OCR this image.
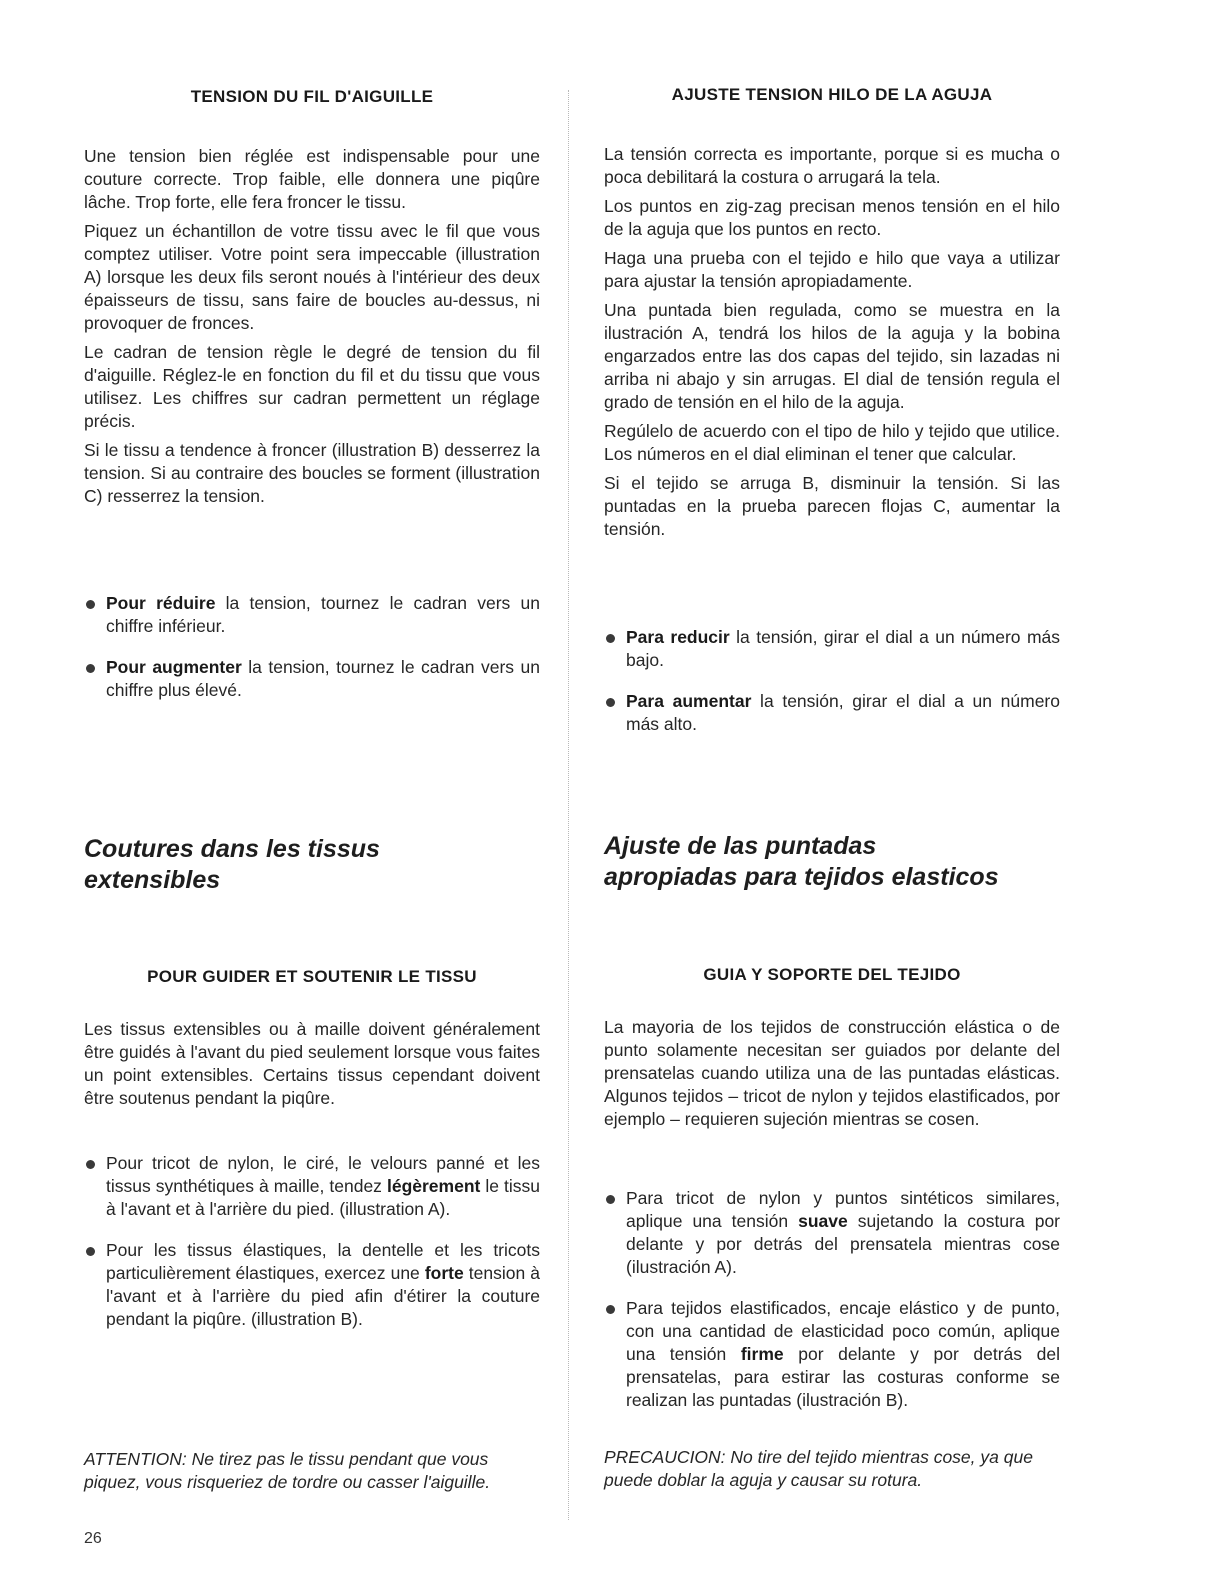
TENSION DU FIL D'AIGUILLE

Une tension bien réglée est indispensable pour une couture correcte. Trop faible, elle donnera une piqûre lâche. Trop forte, elle fera froncer le tissu.

Piquez un échantillon de votre tissu avec le fil que vous comptez utiliser. Votre point sera impeccable (illustration A) lorsque les deux fils seront noués à l'intérieur des deux épaisseurs de tissu, sans faire de boucles au-dessus, ni provoquer de fronces.

Le cadran de tension règle le degré de tension du fil d'aiguille. Réglez-le en fonction du fil et du tissu que vous utilisez. Les chiffres sur cadran permettent un réglage précis.

Si le tissu a tendence à froncer (illustration B) desserrez la tension. Si au contraire des boucles se forment (illustration C) resserrez la tension.

Pour réduire la tension, tournez le cadran vers un chiffre inférieur.
Pour augmenter la tension, tournez le cadran vers un chiffre plus élevé.
Coutures dans les tissus
extensibles
POUR GUIDER ET SOUTENIR LE TISSU

Les tissus extensibles ou à maille doivent généralement être guidés à l'avant du pied seulement lorsque vous faites un point extensibles. Certains tissus cependant doivent être soutenus pendant la piqûre.

Pour tricot de nylon, le ciré, le velours panné et les tissus synthétiques à maille, tendez légèrement le tissu à l'avant et à l'arrière du pied. (illustration A).
Pour les tissus élastiques, la dentelle et les tricots particulièrement élastiques, exercez une forte tension à l'avant et à l'arrière du pied afin d'étirer la couture pendant la piqûre. (illustration B).
ATTENTION: Ne tirez pas le tissu pendant que vous piquez, vous risqueriez de tordre ou casser l'aiguille.
AJUSTE TENSION HILO DE LA AGUJA

La tensión correcta es importante, porque si es mucha o poca debilitará la costura o arrugará la tela.

Los puntos en zig-zag precisan menos tensión en el hilo de la aguja que los puntos en recto.

Haga una prueba con el tejido e hilo que vaya a utilizar para ajustar la tensión apropiadamente.

Una puntada bien regulada, como se muestra en la ilustración A, tendrá los hilos de la aguja y la bobina engarzados entre las dos capas del tejido, sin lazadas ni arriba ni abajo y sin arrugas. El dial de tensión regula el grado de tensión en el hilo de la aguja.

Regúlelo de acuerdo con el tipo de hilo y tejido que utilice. Los números en el dial eliminan el tener que calcular.

Si el tejido se arruga B, disminuir la tensión. Si las puntadas en la prueba parecen flojas C, aumentar la tensión.

Para reducir la tensión, girar el dial a un número más bajo.
Para aumentar la tensión, girar el dial a un número más alto.
Ajuste de las puntadas
apropiadas para tejidos elasticos
GUIA Y SOPORTE DEL TEJIDO

La mayoria de los tejidos de construcción elástica o de punto solamente necesitan ser guiados por delante del prensatelas cuando utiliza una de las puntadas elásticas. Algunos tejidos – tricot de nylon y tejidos elastificados, por ejemplo – requieren sujeción mientras se cosen.

Para tricot de nylon y puntos sintéticos similares, aplique una tensión suave sujetando la costura por delante y por detrás del prensatela mientras cose (ilustración A).
Para tejidos elastificados, encaje elástico y de punto, con una cantidad de elasticidad poco común, aplique una tensión firme por delante y por detrás del prensatelas, para estirar las costuras conforme se realizan las puntadas (ilustración B).
PRECAUCION: No tire del tejido mientras cose, ya que puede doblar la aguja y causar su rotura.
26
